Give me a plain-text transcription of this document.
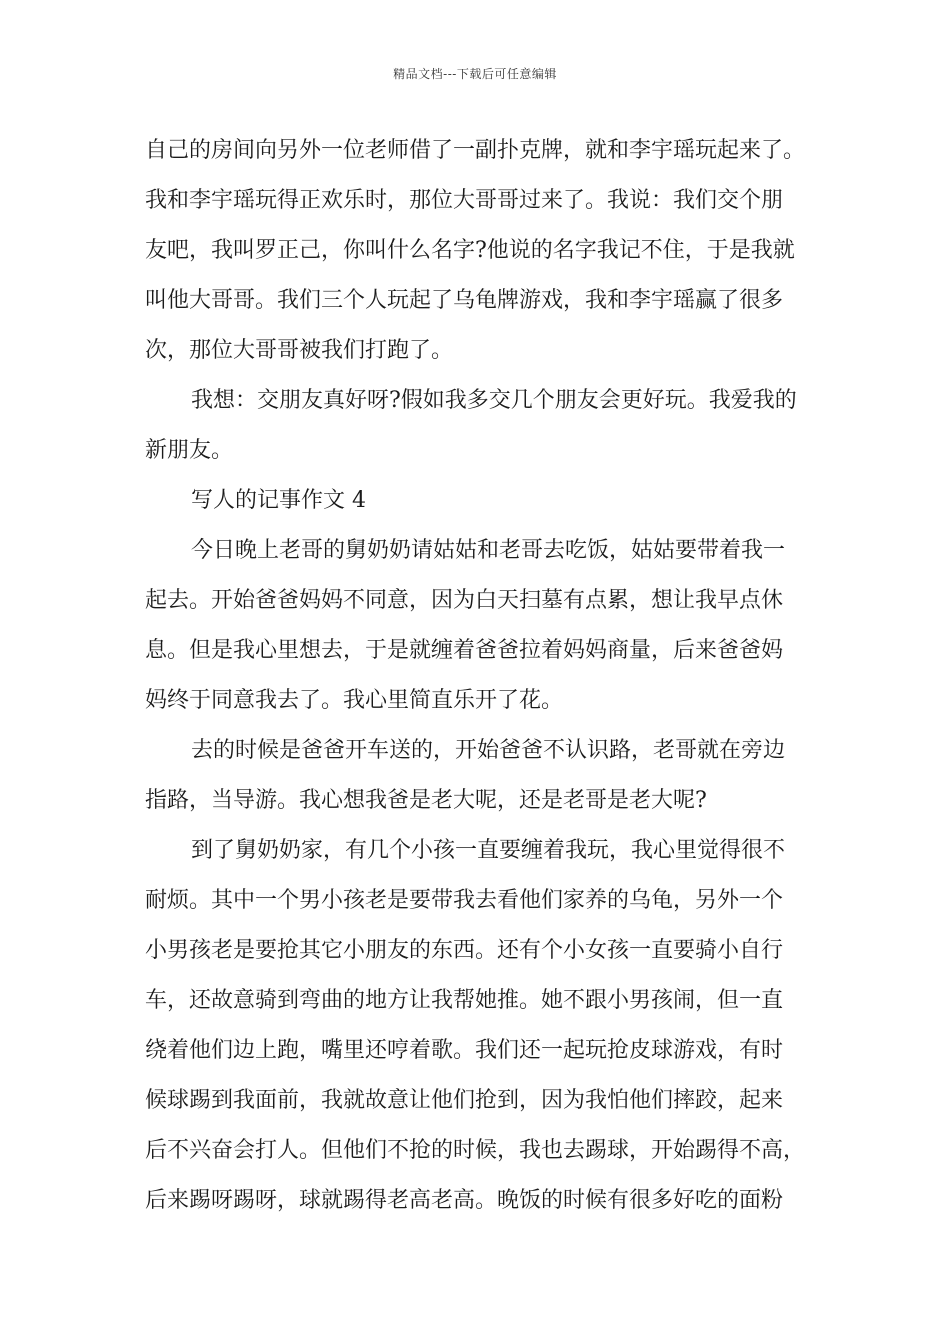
精品文档---下载后可任意编辑
自己的房间向另外一位老师借了一副扑克牌，就和李宇瑶玩起来了。
我和李宇瑶玩得正欢乐时，那位大哥哥过来了。我说：我们交个朋
友吧，我叫罗正己，你叫什么名字?他说的名字我记不住，于是我就
叫他大哥哥。我们三个人玩起了乌龟牌游戏，我和李宇瑶赢了很多
次，那位大哥哥被我们打跑了。
我想：交朋友真好呀?假如我多交几个朋友会更好玩。我爱我的
新朋友。
写人的记事作文 4
今日晚上老哥的舅奶奶请姑姑和老哥去吃饭，姑姑要带着我一
起去。开始爸爸妈妈不同意，因为白天扫墓有点累，想让我早点休
息。但是我心里想去，于是就缠着爸爸拉着妈妈商量，后来爸爸妈
妈终于同意我去了。我心里简直乐开了花。
去的时候是爸爸开车送的，开始爸爸不认识路，老哥就在旁边
指路，当导游。我心想我爸是老大呢，还是老哥是老大呢?
到了舅奶奶家，有几个小孩一直要缠着我玩，我心里觉得很不
耐烦。其中一个男小孩老是要带我去看他们家养的乌龟，另外一个
小男孩老是要抢其它小朋友的东西。还有个小女孩一直要骑小自行
车，还故意骑到弯曲的地方让我帮她推。她不跟小男孩闹，但一直
绕着他们边上跑，嘴里还哼着歌。我们还一起玩抢皮球游戏，有时
候球踢到我面前，我就故意让他们抢到，因为我怕他们摔跤，起来
后不兴奋会打人。但他们不抢的时候，我也去踢球，开始踢得不高，
后来踢呀踢呀，球就踢得老高老高。晚饭的时候有很多好吃的面粉
